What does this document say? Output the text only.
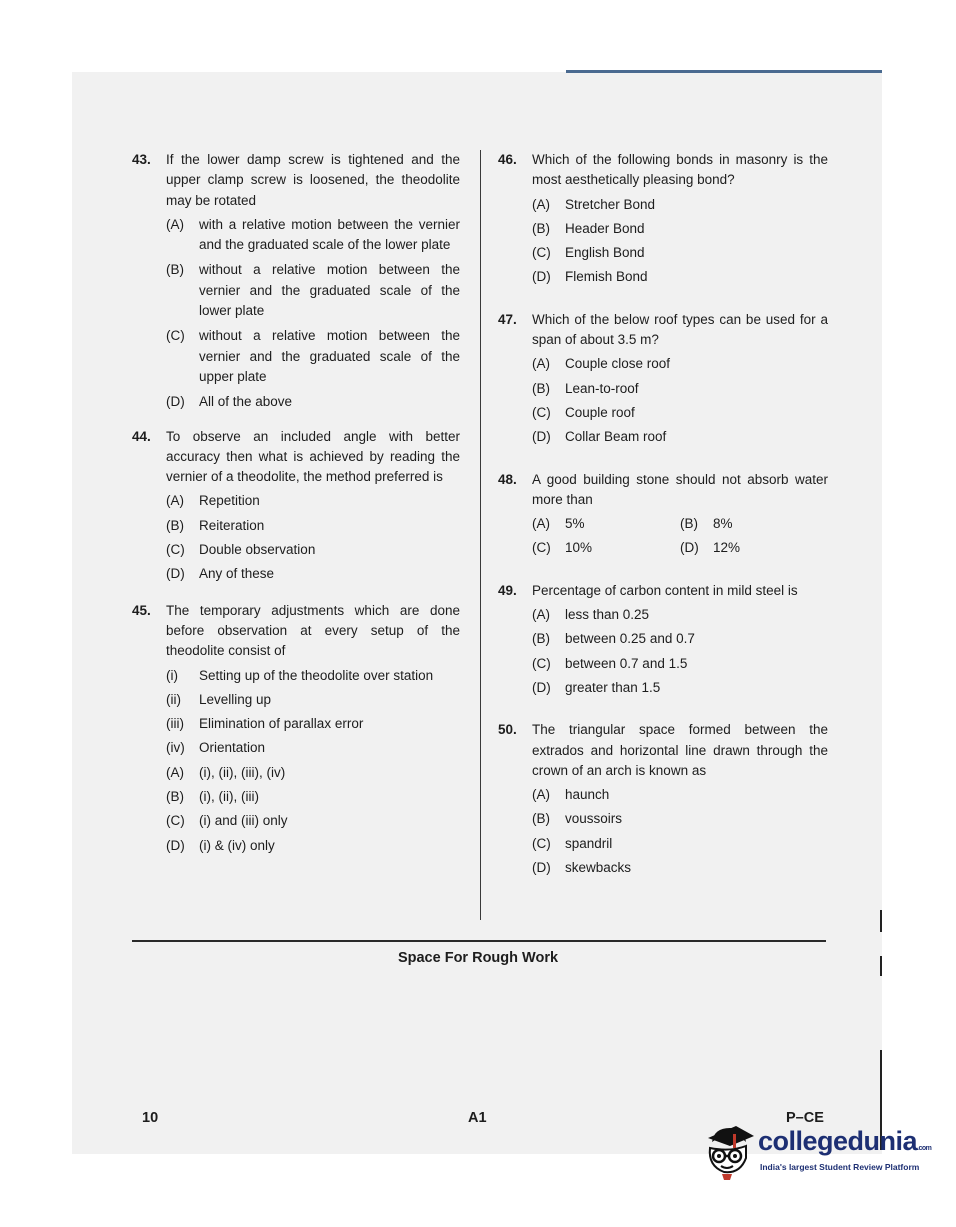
43. If the lower damp screw is tightened and the upper clamp screw is loosened, the theodolite may be rotated
(A) with a relative motion between the vernier and the graduated scale of the lower plate
(B) without a relative motion between the vernier and the graduated scale of the lower plate
(C) without a relative motion between the vernier and the graduated scale of the upper plate
(D) All of the above
44. To observe an included angle with better accuracy then what is achieved by reading the vernier of a theodolite, the method preferred is
(A) Repetition
(B) Reiteration
(C) Double observation
(D) Any of these
45. The temporary adjustments which are done before observation at every setup of the theodolite consist of
(i) Setting up of the theodolite over station
(ii) Levelling up
(iii) Elimination of parallax error
(iv) Orientation
(A) (i), (ii), (iii), (iv)
(B) (i), (ii), (iii)
(C) (i) and (iii) only
(D) (i) & (iv) only
46. Which of the following bonds in masonry is the most aesthetically pleasing bond?
(A) Stretcher Bond
(B) Header Bond
(C) English Bond
(D) Flemish Bond
47. Which of the below roof types can be used for a span of about 3.5 m?
(A) Couple close roof
(B) Lean-to-roof
(C) Couple roof
(D) Collar Beam roof
48. A good building stone should not absorb water more than
(A) 5%	(B) 8%
(C) 10%	(D) 12%
49. Percentage of carbon content in mild steel is
(A) less than 0.25
(B) between 0.25 and 0.7
(C) between 0.7 and 1.5
(D) greater than 1.5
50. The triangular space formed between the extrados and horizontal line drawn through the crown of an arch is known as
(A) haunch
(B) voussoirs
(C) spandril
(D) skewbacks
Space For Rough Work
10	A1	P–CE
collegedunia.com
India's largest Student Review Platform
